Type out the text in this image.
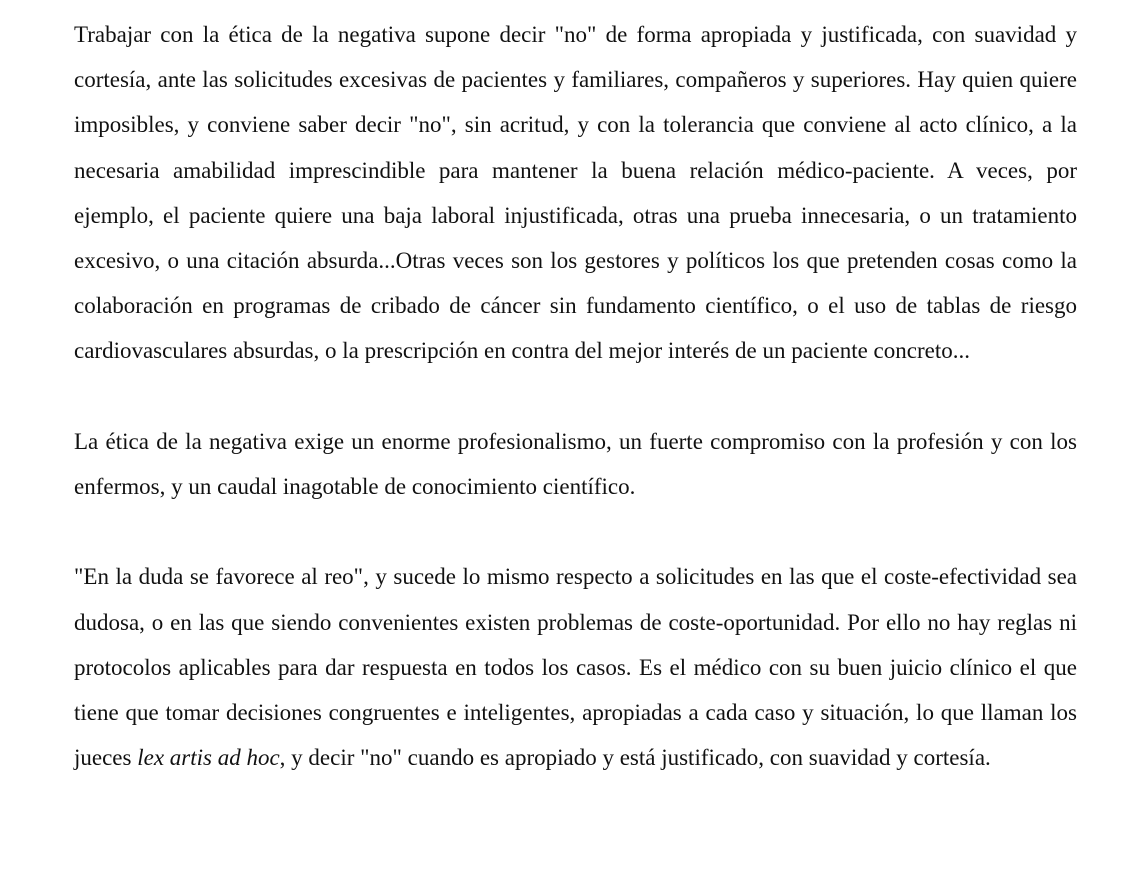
Trabajar con la ética de la negativa supone decir "no" de forma apropiada y justificada, con suavidad y cortesía, ante las solicitudes excesivas de pacientes y familiares, compañeros y superiores. Hay quien quiere imposibles, y conviene saber decir "no", sin acritud, y con la tolerancia que conviene al acto clínico, a la necesaria amabilidad imprescindible para mantener la buena relación médico-paciente. A veces, por ejemplo, el paciente quiere una baja laboral injustificada, otras una prueba innecesaria, o un tratamiento excesivo, o una citación absurda...Otras veces son los gestores y políticos los que pretenden cosas como la colaboración en programas de cribado de cáncer sin fundamento científico, o el uso de tablas de riesgo cardiovasculares absurdas, o la prescripción en contra del mejor interés de un paciente concreto...

La ética de la negativa exige un enorme profesionalismo, un fuerte compromiso con la profesión y con los enfermos, y un caudal inagotable de conocimiento científico.

"En la duda se favorece al reo", y sucede lo mismo respecto a solicitudes en las que el coste-efectividad sea dudosa, o en las que siendo convenientes existen problemas de coste-oportunidad. Por ello no hay reglas ni protocolos aplicables para dar respuesta en todos los casos. Es el médico con su buen juicio clínico el que tiene que tomar decisiones congruentes e inteligentes, apropiadas a cada caso y situación, lo que llaman los jueces lex artis ad hoc, y decir "no" cuando es apropiado y está justificado, con suavidad y cortesía.
